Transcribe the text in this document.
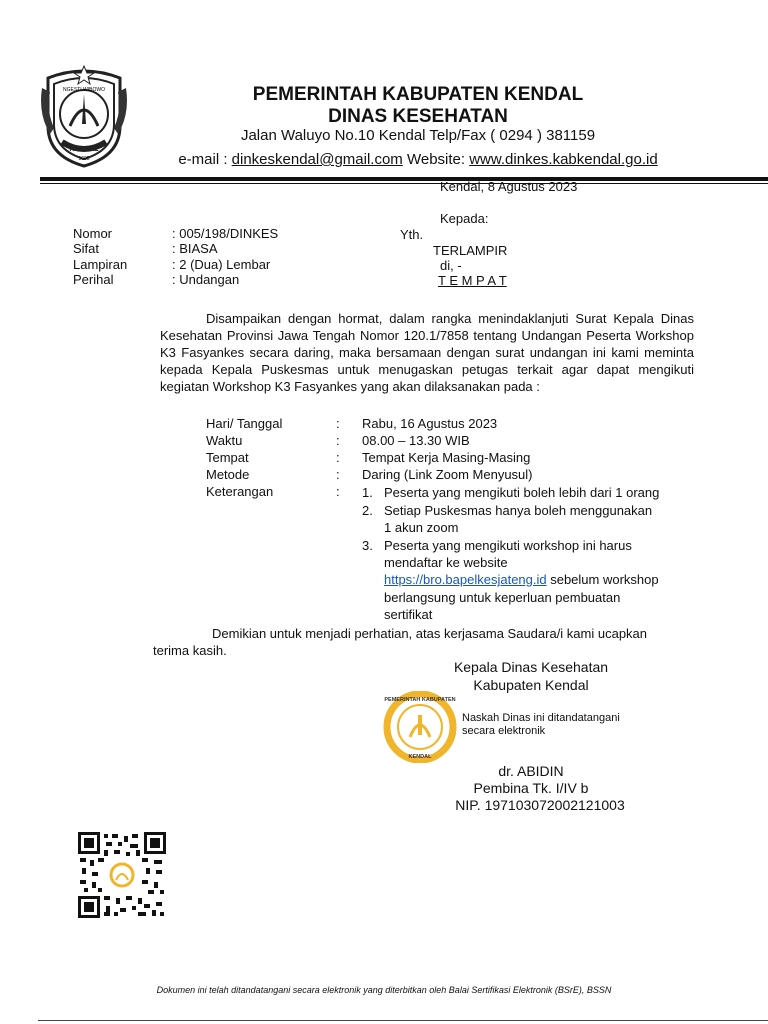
NGESTI WIBOWO
KENDAL
1605
PEMERINTAH KABUPATEN KENDAL
DINAS KESEHATAN
Jalan Waluyo No.10 Kendal Telp/Fax ( 0294 ) 381159
e-mail : dinkeskendal@gmail.com Website: www.dinkes.kabkendal.go.id
Kendal, 8 Agustus 2023
Kepada:
Yth.
TERLAMPIR
di, -
T E M P A T
Nomor	: 005/198/DINKES
Sifat	: BIASA
Lampiran	: 2 (Dua) Lembar
Perihal	: Undangan
Disampaikan dengan hormat, dalam rangka menindaklanjuti Surat Kepala Dinas Kesehatan Provinsi Jawa Tengah Nomor 120.1/7858 tentang Undangan Peserta Workshop K3 Fasyankes secara daring, maka bersamaan dengan surat undangan ini kami meminta kepada Kepala Puskesmas untuk menugaskan petugas terkait agar dapat mengikuti kegiatan Workshop K3 Fasyankes yang akan dilaksanakan pada :
Hari/ Tanggal	: Rabu, 16 Agustus 2023
Waktu	: 08.00 – 13.30 WIB
Tempat	: Tempat Kerja Masing-Masing
Metode	: Daring (Link Zoom Menyusul)
Keterangan	: 1. Peserta yang mengikuti boleh lebih dari 1 orang
2. Setiap Puskesmas hanya boleh menggunakan
1 akun zoom
3. Peserta yang mengikuti workshop ini harus
mendaftar ke website
https://bro.bapelkesjateng.id sebelum workshop
berlangsung untuk keperluan pembuatan
sertifikat
Demikian untuk menjadi perhatian, atas kerjasama Saudara/i kami ucapkan
terima kasih.
Kepala Dinas Kesehatan
Kabupaten Kendal
PEMERINTAH KABUPATEN
KENDAL
Naskah Dinas ini ditandatangani
secara elektronik
dr. ABIDIN
Pembina Tk. I/IV b
NIP. 197103072002121003
Dokumen ini telah ditandatangani secara elektronik yang diterbitkan oleh Balai Sertifikasi Elektronik (BSrE), BSSN
